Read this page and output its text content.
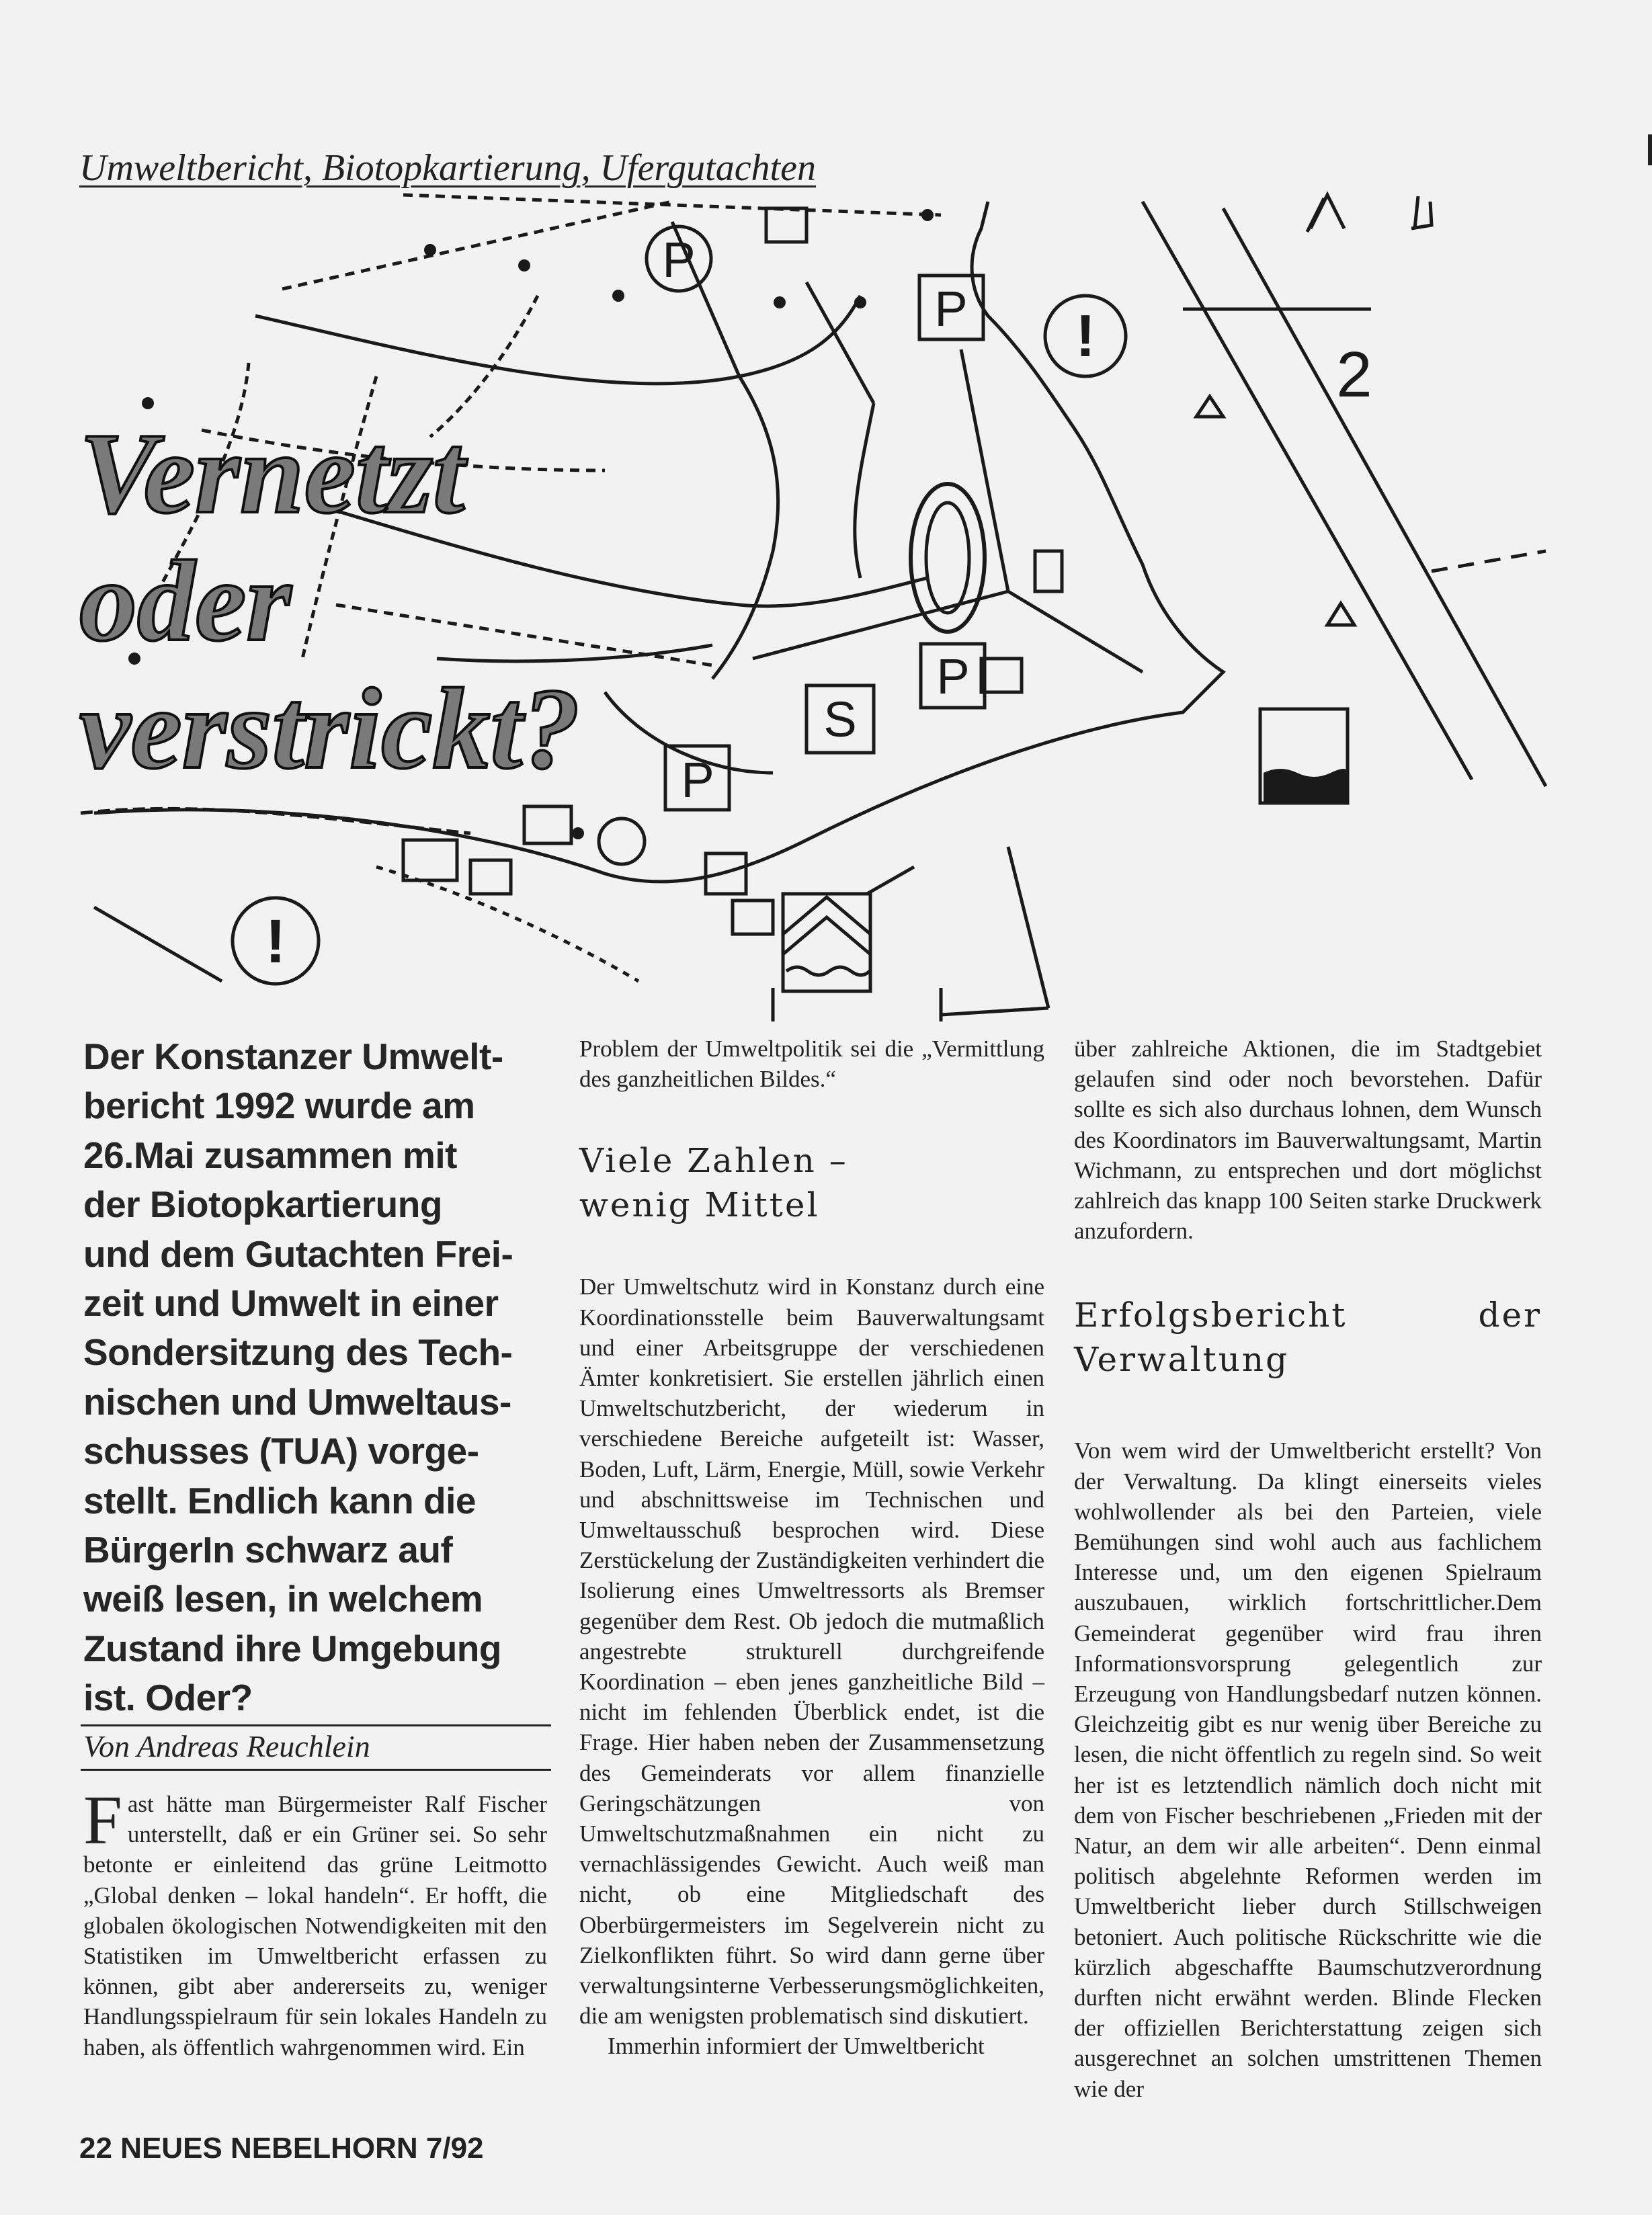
P
P
P
S
P
!
!
2
Umweltbericht, Biotopkartierung, Ufergutachten
Vernetzt
oder
verstrickt?
Der Konstanzer Umwelt-
bericht 1992 wurde am
26.Mai zusammen mit
der Biotopkartierung
und dem Gutachten Frei-
zeit und Umwelt in einer
Sondersitzung des Tech-
nischen und Umweltaus-
schusses (TUA) vorge-
stellt. Endlich kann die
BürgerIn schwarz auf
weiß lesen, in welchem
Zustand ihre Umgebung
ist. Oder?
Von Andreas Reuchlein
Fast hätte man Bürgermeister Ralf Fischer unterstellt, daß er ein Grüner sei. So sehr betonte er einleitend das grüne Leitmotto „Global denken – lokal handeln“. Er hofft, die globalen ökologischen Notwendigkeiten mit den Statistiken im Umweltbericht erfassen zu können, gibt aber andererseits zu, weniger Handlungsspielraum für sein lokales Handeln zu haben, als öffentlich wahrgenommen wird. Ein
Problem der Umweltpolitik sei die „Vermittlung des ganzheitlichen Bildes.“
Viele Zahlen –
wenig Mittel
Der Umweltschutz wird in Konstanz durch eine Koordinationsstelle beim Bauverwaltungsamt und einer Arbeitsgruppe der verschiedenen Ämter konkretisiert. Sie erstellen jährlich einen Umweltschutzbericht, der wiederum in verschiedene Bereiche aufgeteilt ist: Wasser, Boden, Luft, Lärm, Energie, Müll, sowie Verkehr und abschnittsweise im Technischen und Umweltausschuß besprochen wird. Diese Zerstückelung der Zuständigkeiten verhindert die Isolierung eines Umweltressorts als Bremser gegenüber dem Rest. Ob jedoch die mutmaßlich angestrebte strukturell durchgreifende Koordination – eben jenes ganzheitliche Bild – nicht im fehlenden Überblick endet, ist die Frage. Hier haben neben der Zusammensetzung des Gemeinderats vor allem finanzielle Geringschätzungen von Umweltschutzmaßnahmen ein nicht zu vernachlässigendes Gewicht. Auch weiß man nicht, ob eine Mitgliedschaft des Oberbürgermeisters im Segelverein nicht zu Zielkonflikten führt. So wird dann gerne über verwaltungsinterne Verbesserungsmöglichkeiten, die am wenigsten problematisch sind diskutiert.
Immerhin informiert der Umweltbericht
über zahlreiche Aktionen, die im Stadtgebiet gelaufen sind oder noch bevorstehen. Dafür sollte es sich also durchaus lohnen, dem Wunsch des Koordinators im Bauverwaltungsamt, Martin Wichmann, zu entsprechen und dort möglichst zahlreich das knapp 100 Seiten starke Druckwerk anzufordern.
Erfolgsbericht der
Verwaltung
Von wem wird der Umweltbericht erstellt? Von der Verwaltung. Da klingt einerseits vieles wohlwollender als bei den Parteien, viele Bemühungen sind wohl auch aus fachlichem Interesse und, um den eigenen Spielraum auszubauen, wirklich fortschrittlicher.Dem Gemeinderat gegenüber wird frau ihren Informationsvorsprung gelegentlich zur Erzeugung von Handlungsbedarf nutzen können. Gleichzeitig gibt es nur wenig über Bereiche zu lesen, die nicht öffentlich zu regeln sind. So weit her ist es letztendlich nämlich doch nicht mit dem von Fischer beschriebenen „Frieden mit der Natur, an dem wir alle arbeiten“. Denn einmal politisch abgelehnte Reformen werden im Umweltbericht lieber durch Stillschweigen betoniert. Auch politische Rückschritte wie die kürzlich abgeschaffte Baumschutzverordnung durften nicht erwähnt werden. Blinde Flecken der offiziellen Berichterstattung zeigen sich ausgerechnet an solchen umstrittenen Themen wie der
22 NEUES NEBELHORN 7/92
